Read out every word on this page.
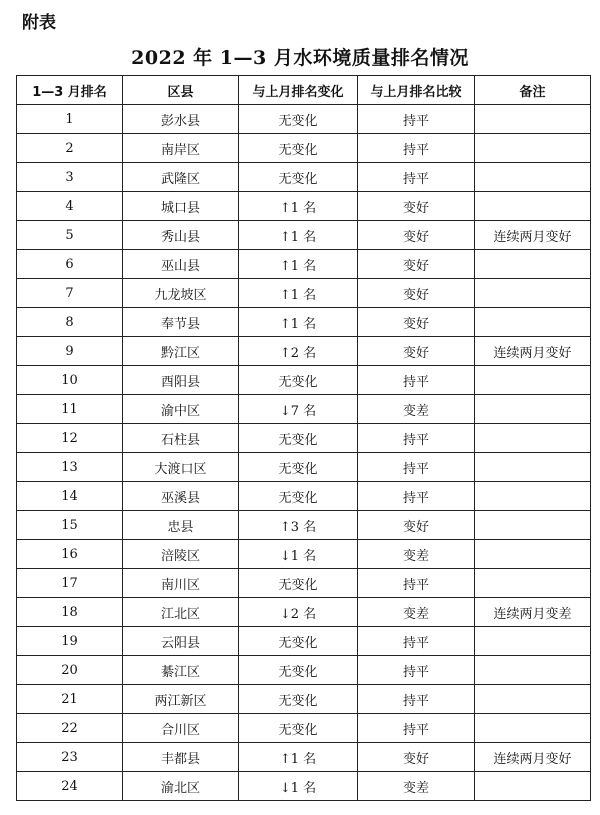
附表
2022 年 1—3 月水环境质量排名情况
1—3 月排名	区县	与上月排名变化	与上月排名比较	备注
1	彭水县	无变化	持平	
2	南岸区	无变化	持平	
3	武隆区	无变化	持平	
4	城口县	↑1 名	变好	
5	秀山县	↑1 名	变好	连续两月变好
6	巫山县	↑1 名	变好	
7	九龙坡区	↑1 名	变好	
8	奉节县	↑1 名	变好	
9	黔江区	↑2 名	变好	连续两月变好
10	酉阳县	无变化	持平	
11	渝中区	↓7 名	变差	
12	石柱县	无变化	持平	
13	大渡口区	无变化	持平	
14	巫溪县	无变化	持平	
15	忠县	↑3 名	变好	
16	涪陵区	↓1 名	变差	
17	南川区	无变化	持平	
18	江北区	↓2 名	变差	连续两月变差
19	云阳县	无变化	持平	
20	綦江区	无变化	持平	
21	两江新区	无变化	持平	
22	合川区	无变化	持平	
23	丰都县	↑1 名	变好	连续两月变好
24	渝北区	↓1 名	变差	
